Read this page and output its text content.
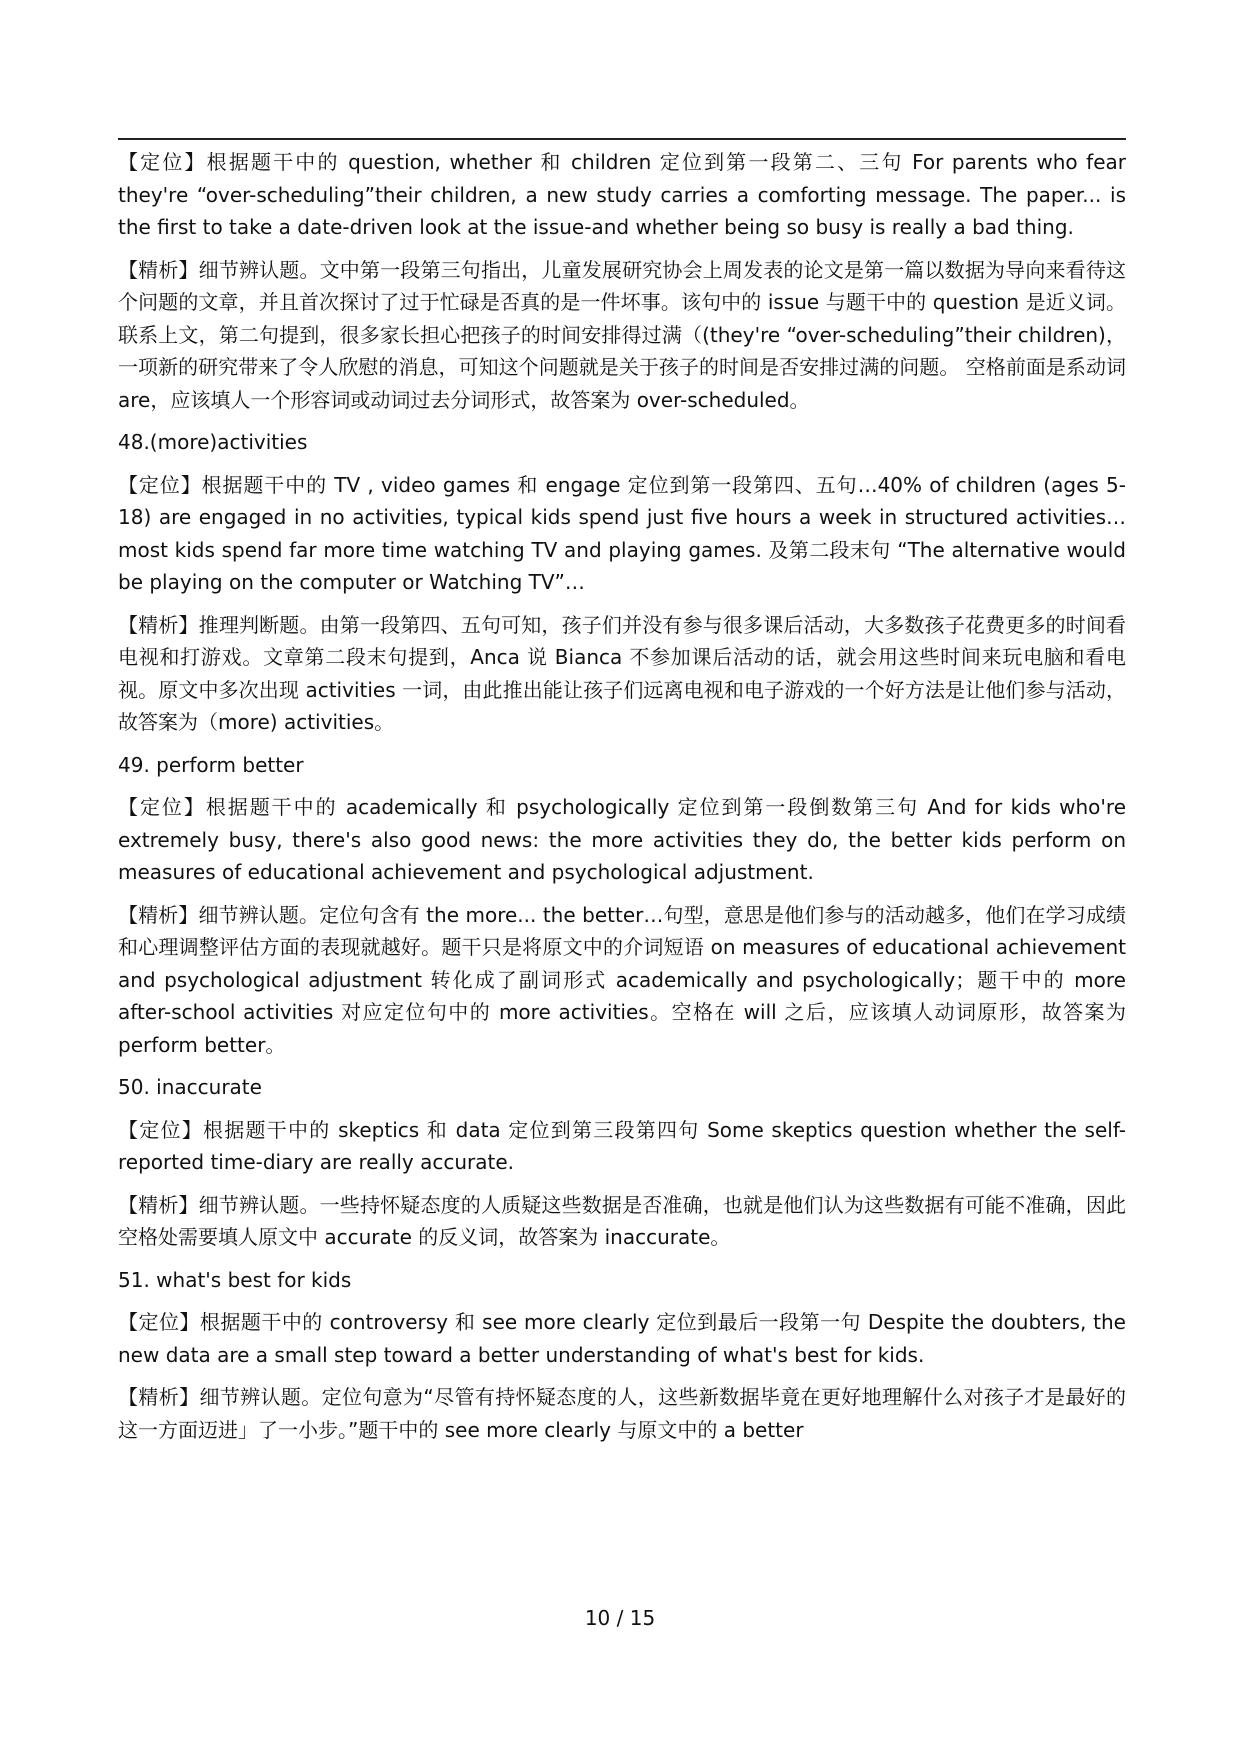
【定位】根据题干中的 question, whether 和 children 定位到第一段第二、三句 For parents who fear they're “over-scheduling”their children, a new study carries a comforting message. The paper... is the first to take a date-driven look at the issue-and whether being so busy is really a bad thing.

【精析】细节辨认题。文中第一段第三句指出，儿童发展研究协会上周发表的论文是第一篇以数据为导向来看待这个问题的文章，并且首次探讨了过于忙碌是否真的是一件坏事。该句中的 issue 与题干中的 question 是近义词。联系上文，第二句提到，很多家长担心把孩子的时间安排得过满（(they're “over-scheduling”their children)，一项新的研究带来了令人欣慰的消息，可知这个问题就是关于孩子的时间是否安排过满的问题。 空格前面是系动词 are，应该填人一个形容词或动词过去分词形式，故答案为 over-scheduled。

48.(more)activities

【定位】根据题干中的 TV , video games 和 engage 定位到第一段第四、五句…40% of children (ages 5-18) are engaged in no activities, typical kids spend just five hours a week in structured activities… most kids spend far more time watching TV and playing games. 及第二段末句 “The alternative would be playing on the computer or Watching TV”…

【精析】推理判断题。由第一段第四、五句可知，孩子们并没有参与很多课后活动，大多数孩子花费更多的时间看电视和打游戏。文章第二段末句提到，Anca 说 Bianca 不参加课后活动的话，就会用这些时间来玩电脑和看电视。原文中多次出现 activities 一词，由此推出能让孩子们远离电视和电子游戏的一个好方法是让他们参与活动，故答案为（more) activities。

49. perform better

【定位】根据题干中的 academically 和 psychologically 定位到第一段倒数第三句 And for kids who're extremely busy, there's also good news: the more activities they do, the better kids perform on measures of educational achievement and psychological adjustment.

【精析】细节辨认题。定位句含有 the more... the better…句型，意思是他们参与的活动越多，他们在学习成绩和心理调整评估方面的表现就越好。题干只是将原文中的介词短语 on measures of educational achievement and psychological adjustment 转化成了副词形式 academically and psychologically；题干中的 more after-school activities 对应定位句中的 more activities。空格在 will 之后，应该填人动词原形，故答案为 perform better。

50. inaccurate

【定位】根据题干中的 skeptics 和 data 定位到第三段第四句 Some skeptics question whether the self- reported time-diary are really accurate.

【精析】细节辨认题。一些持怀疑态度的人质疑这些数据是否准确，也就是他们认为这些数据有可能不准确，因此空格处需要填人原文中 accurate 的反义词，故答案为 inaccurate。

51. what's best for kids

【定位】根据题干中的 controversy 和 see more clearly 定位到最后一段第一句 Despite the doubters, the new data are a small step toward a better understanding of what's best for kids.

【精析】细节辨认题。定位句意为“尽管有持怀疑态度的人，这些新数据毕竟在更好地理解什么对孩子才是最好的这一方面迈进」了一小步。”题干中的 see more clearly 与原文中的 a better

10 / 15
